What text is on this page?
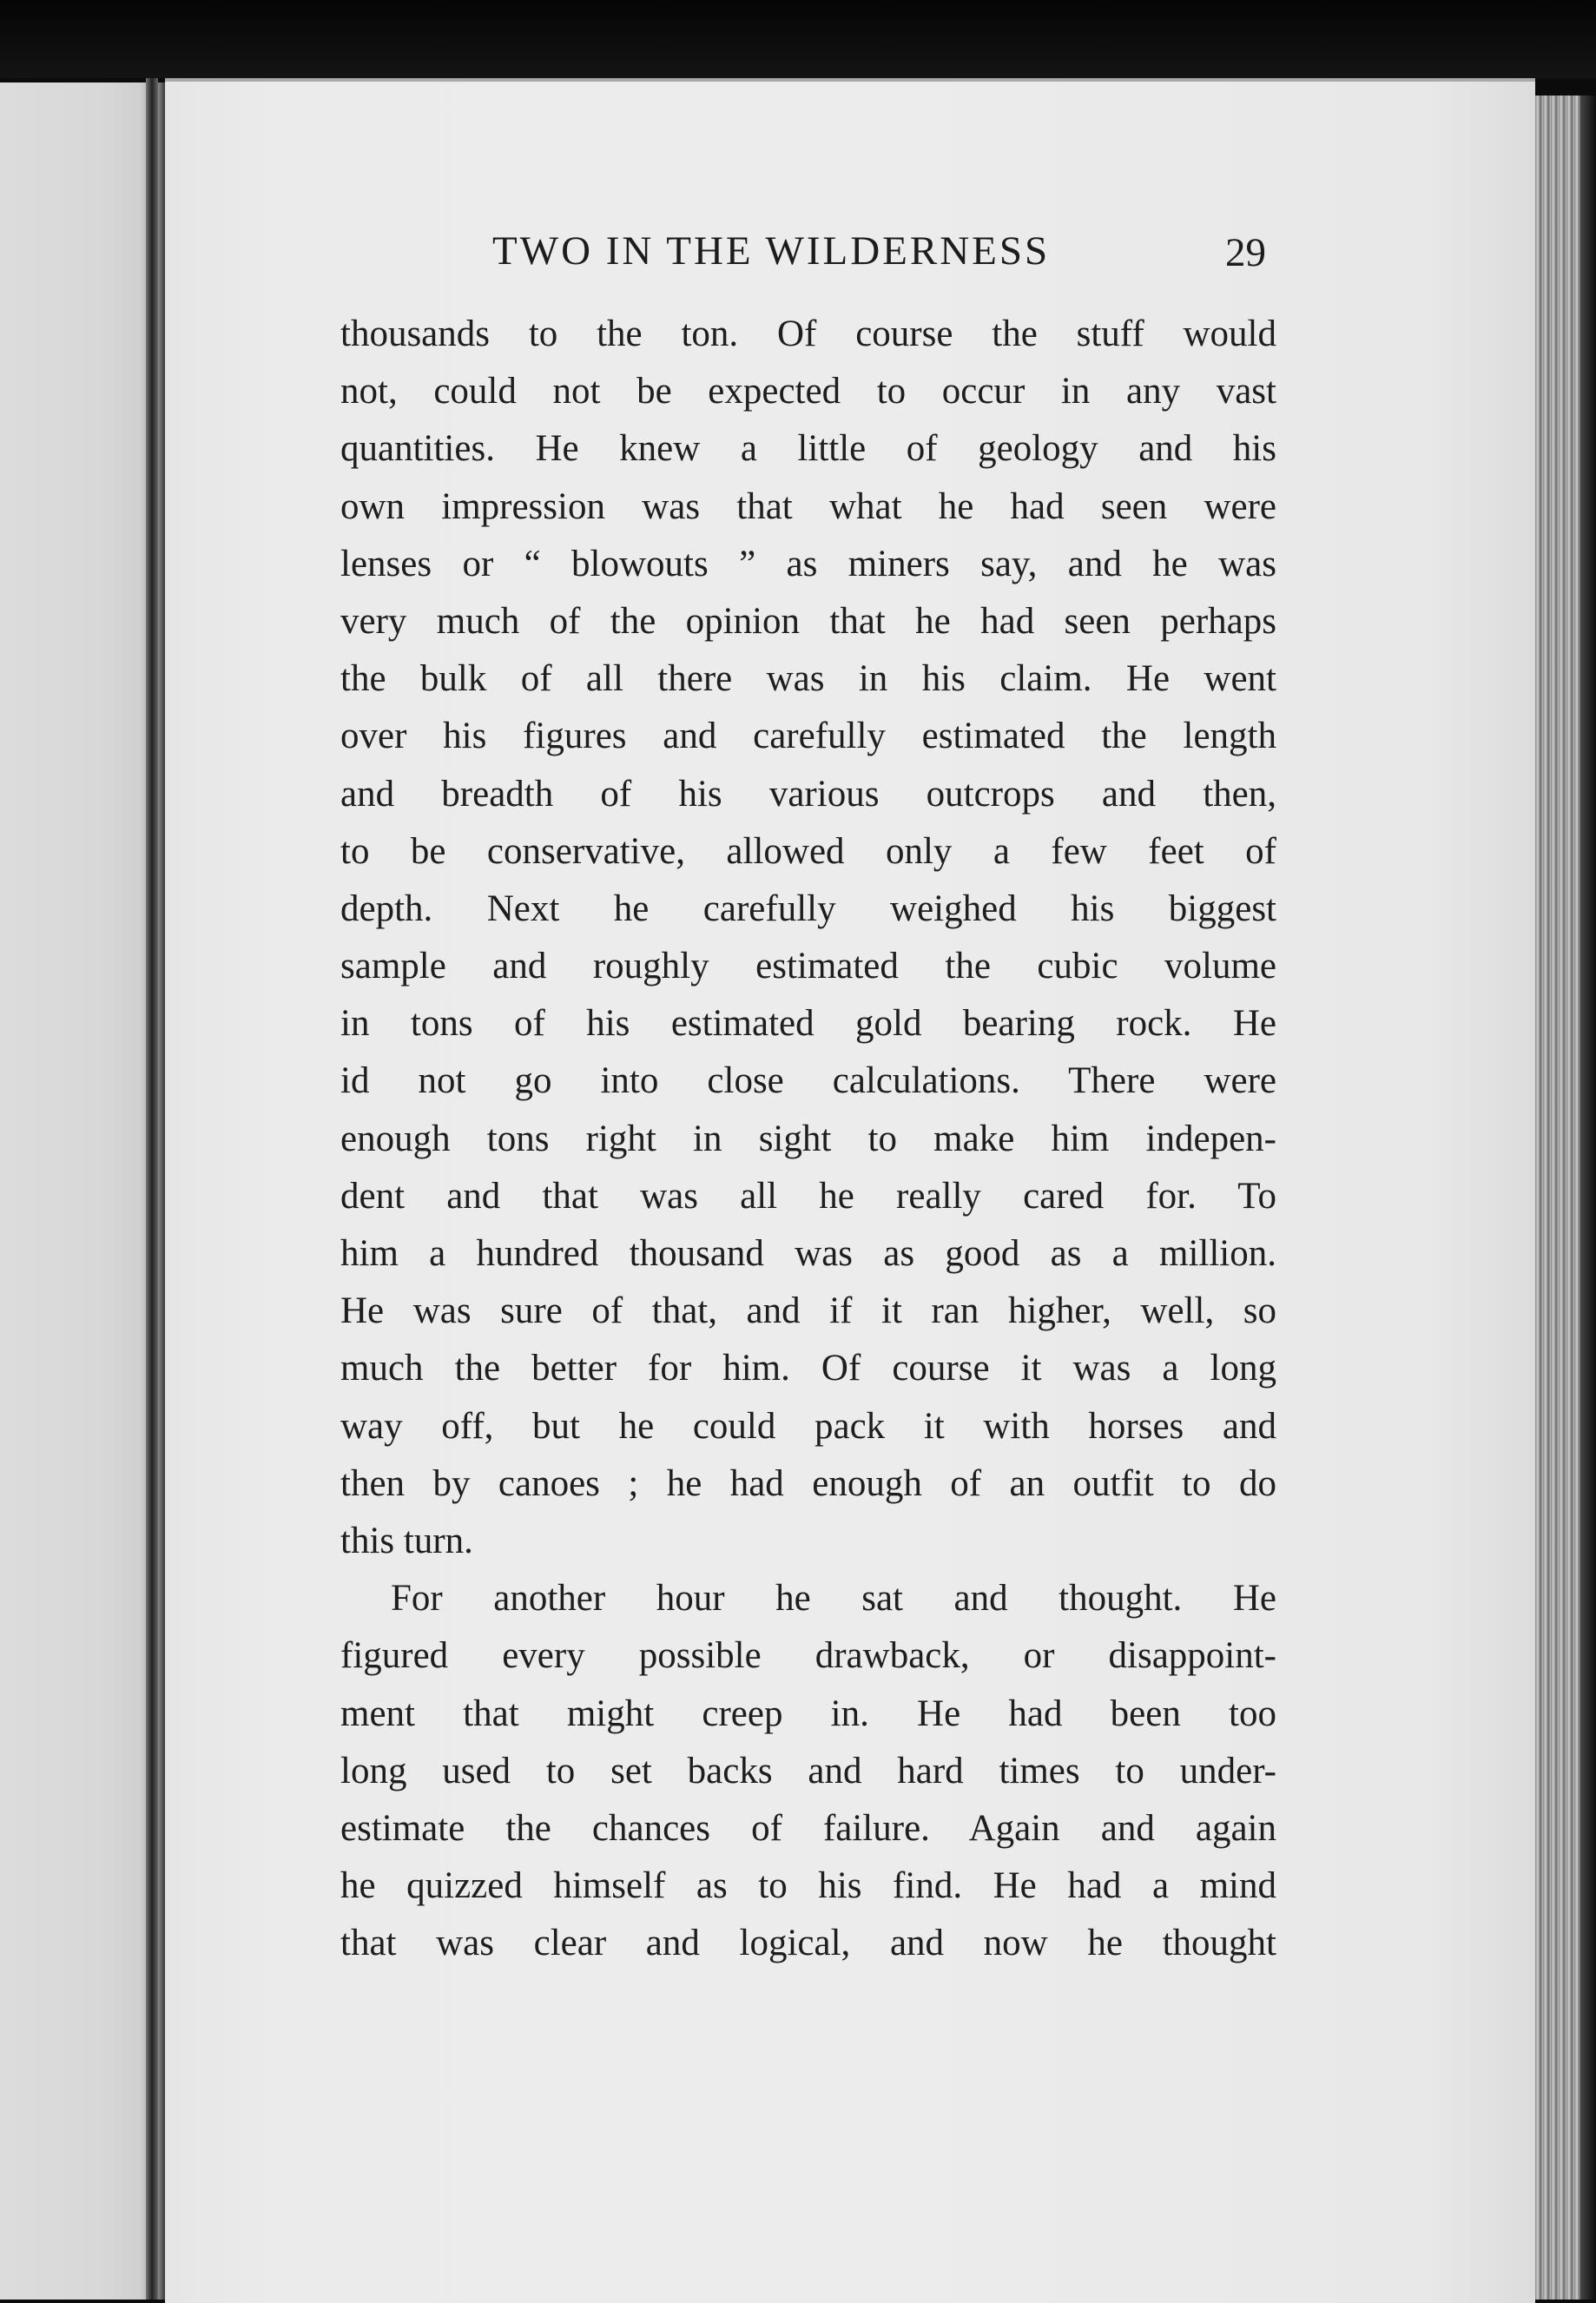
TWO IN THE WILDERNESS	29
thousands to the ton. Of course the stuff would
not, could not be expected to occur in any vast
quantities. He knew a little of geology and his
own impression was that what he had seen were
lenses or “ blowouts ” as miners say, and he was
very much of the opinion that he had seen perhaps
the bulk of all there was in his claim. He went
over his figures and carefully estimated the length
and breadth of his various outcrops and then,
to be conservative, allowed only a few feet of
depth. Next he carefully weighed his biggest
sample and roughly estimated the cubic volume
in tons of his estimated gold bearing rock. He
id not go into close calculations. There were
enough tons right in sight to make him indepen-
dent and that was all he really cared for. To
him a hundred thousand was as good as a million.
He was sure of that, and if it ran higher, well, so
much the better for him. Of course it was a long
way off, but he could pack it with horses and
then by canoes ; he had enough of an outfit to do
this turn.
For another hour he sat and thought. He
figured every possible drawback, or disappoint-
ment that might creep in. He had been too
long used to set backs and hard times to under-
estimate the chances of failure. Again and again
he quizzed himself as to his find. He had a mind
that was clear and logical, and now he thought
